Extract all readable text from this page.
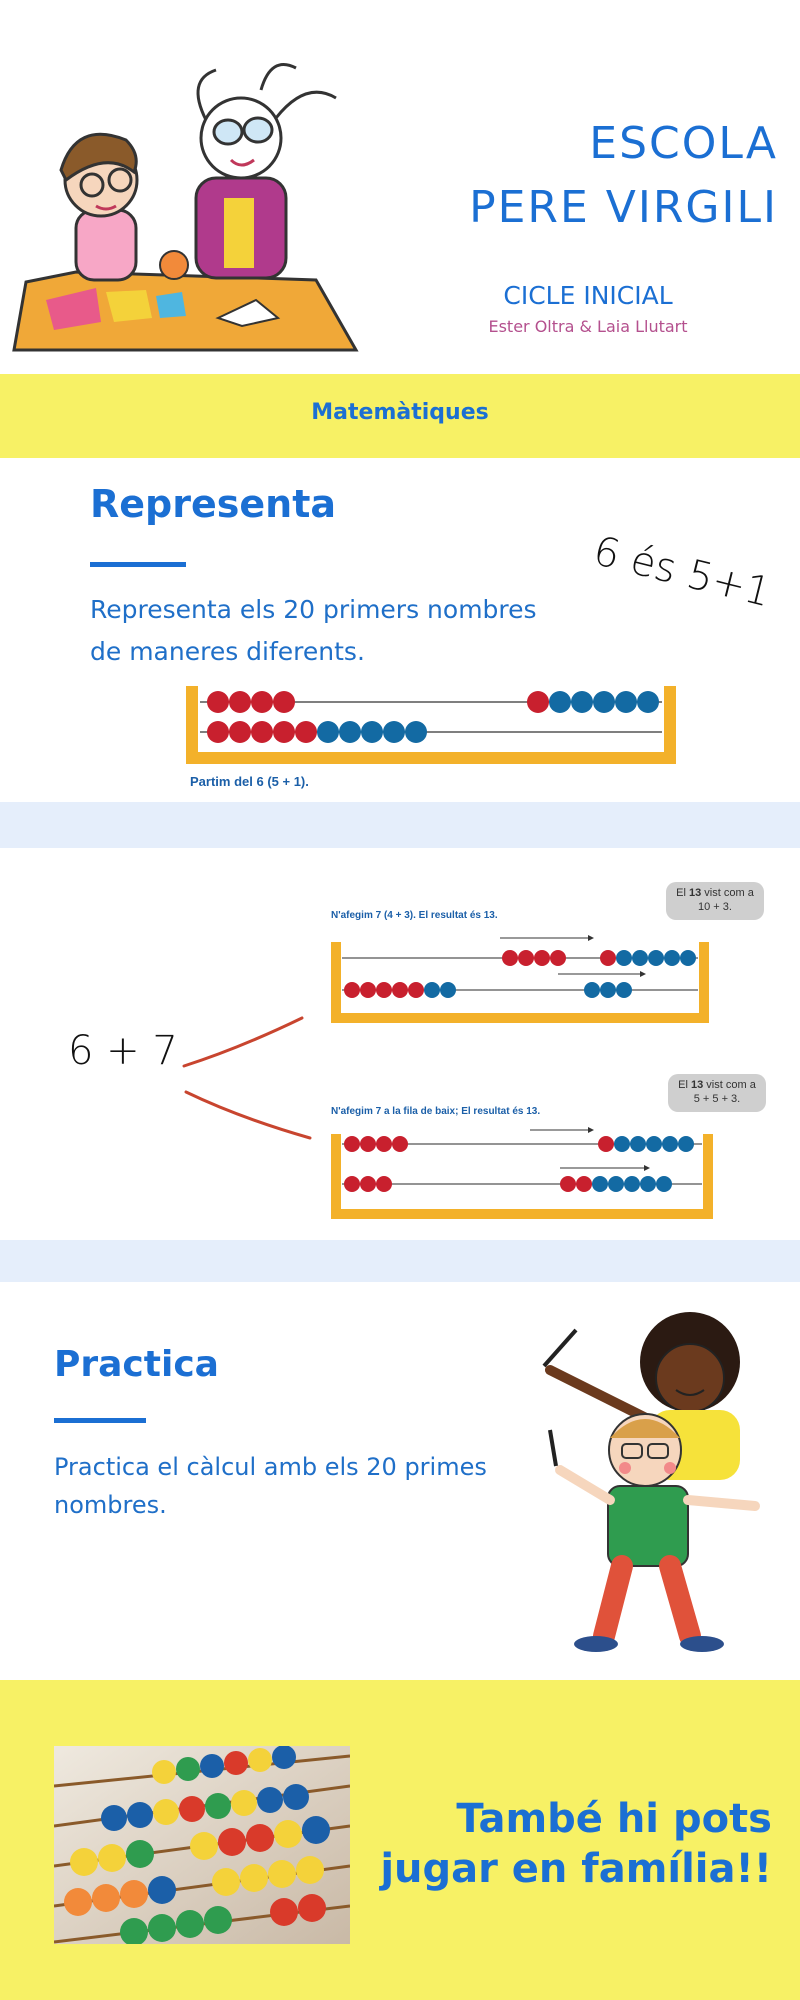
ESCOLA
PERE VIRGILI
CICLE INICIAL
Ester Oltra & Laia Llutart
Matemàtiques
Representa
Representa els 20 primers nombres
de maneres diferents.
6 és 5+1
Partim del 6 (5 + 1).
6 + 7
N'afegim 7 (4 + 3). El resultat és 13.
El 13 vist com a
10 + 3.
N'afegim 7 a la fila de baix; El resultat és 13.
El 13 vist com a
5 + 5 + 3.
Practica
Practica el càlcul amb els 20 primes
nombres.
També hi pots
jugar en família!!
